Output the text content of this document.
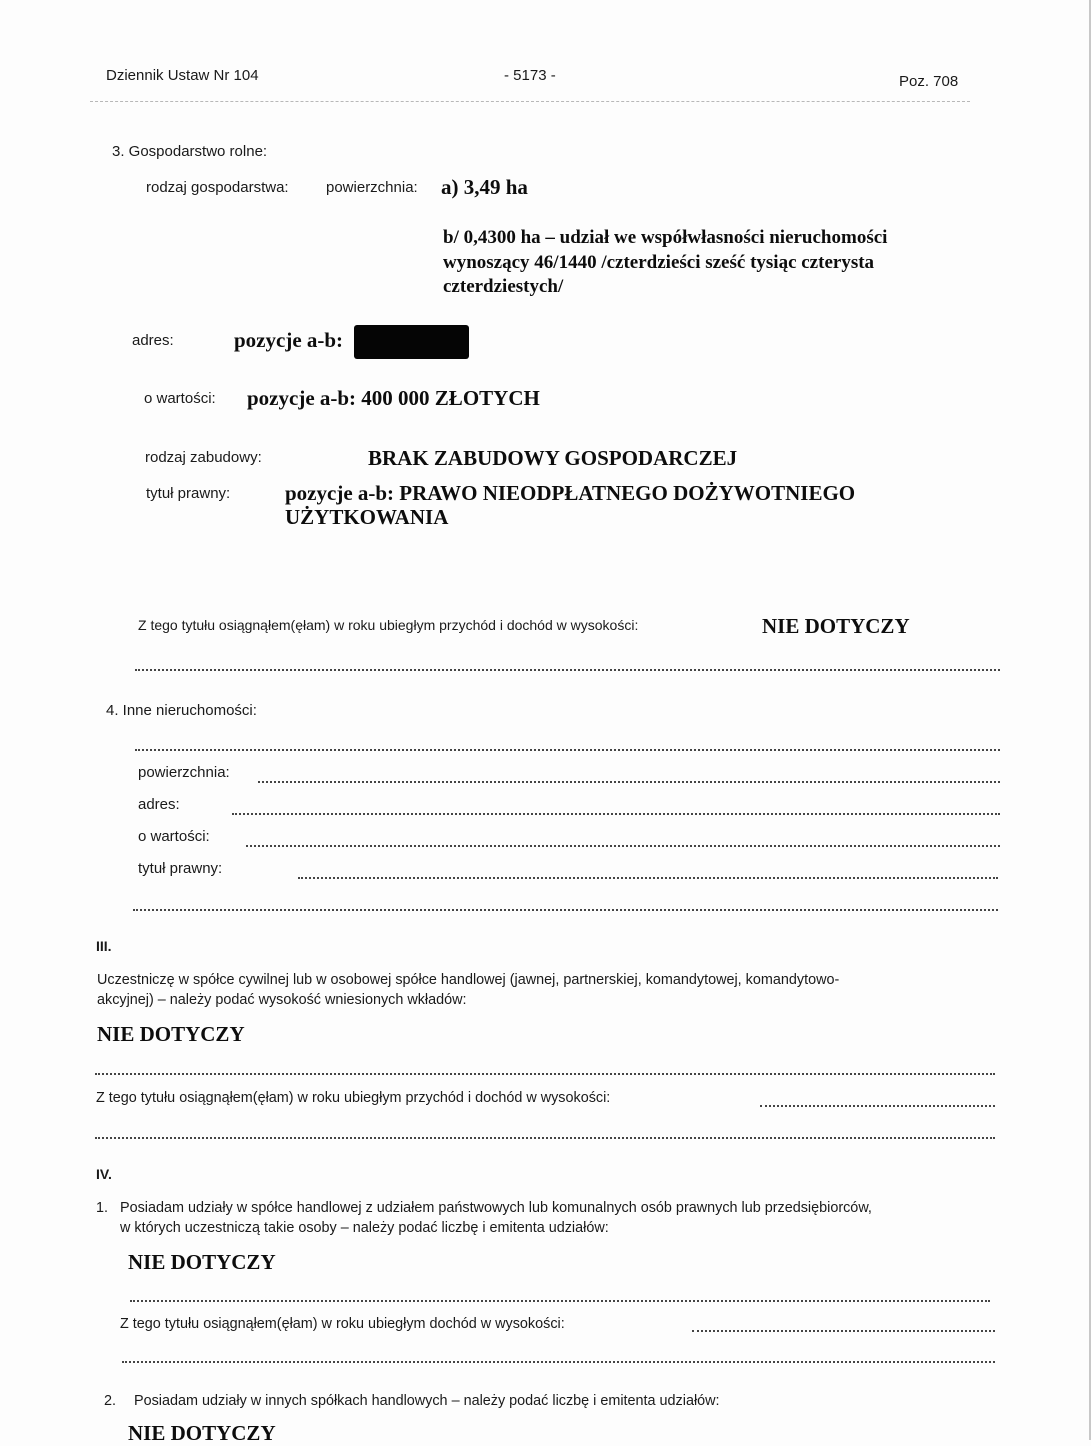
Dziennik Ustaw Nr 104	- 5173 -	Poz. 708
3. Gospodarstwo rolne:
rodzaj gospodarstwa: powierzchnia: a) 3,49 ha
b/ 0,4300 ha – udział we współwłasności nieruchomości
wynoszący 46/1440 /czterdzieści sześć tysiąc czterysta
czterdziestych/
adres:	pozycje a-b:
o wartości: pozycje a-b: 400 000 ZŁOTYCH
rodzaj zabudowy:	BRAK ZABUDOWY GOSPODARCZEJ
tytuł prawny:	pozycje a-b: PRAWO NIEODPŁATNEGO DOŻYWOTNIEGO
UŻYTKOWANIA
Z tego tytułu osiągnąłem(ęłam) w roku ubiegłym przychód i dochód w wysokości:	NIE DOTYCZY
4. Inne nieruchomości:
powierzchnia:
adres:
o wartości:
tytuł prawny:
III.
Uczestniczę w spółce cywilnej lub w osobowej spółce handlowej (jawnej, partnerskiej, komandytowej, komandytowo-
akcyjnej) – należy podać wysokość wniesionych wkładów:
NIE DOTYCZY
Z tego tytułu osiągnąłem(ęłam) w roku ubiegłym przychód i dochód w wysokości:
IV.
1. Posiadam udziały w spółce handlowej z udziałem państwowych lub komunalnych osób prawnych lub przedsiębiorców,
w których uczestniczą takie osoby – należy podać liczbę i emitenta udziałów:
NIE DOTYCZY
Z tego tytułu osiągnąłem(ęłam) w roku ubiegłym dochód w wysokości:
2. Posiadam udziały w innych spółkach handlowych – należy podać liczbę i emitenta udziałów:
NIE DOTYCZY
